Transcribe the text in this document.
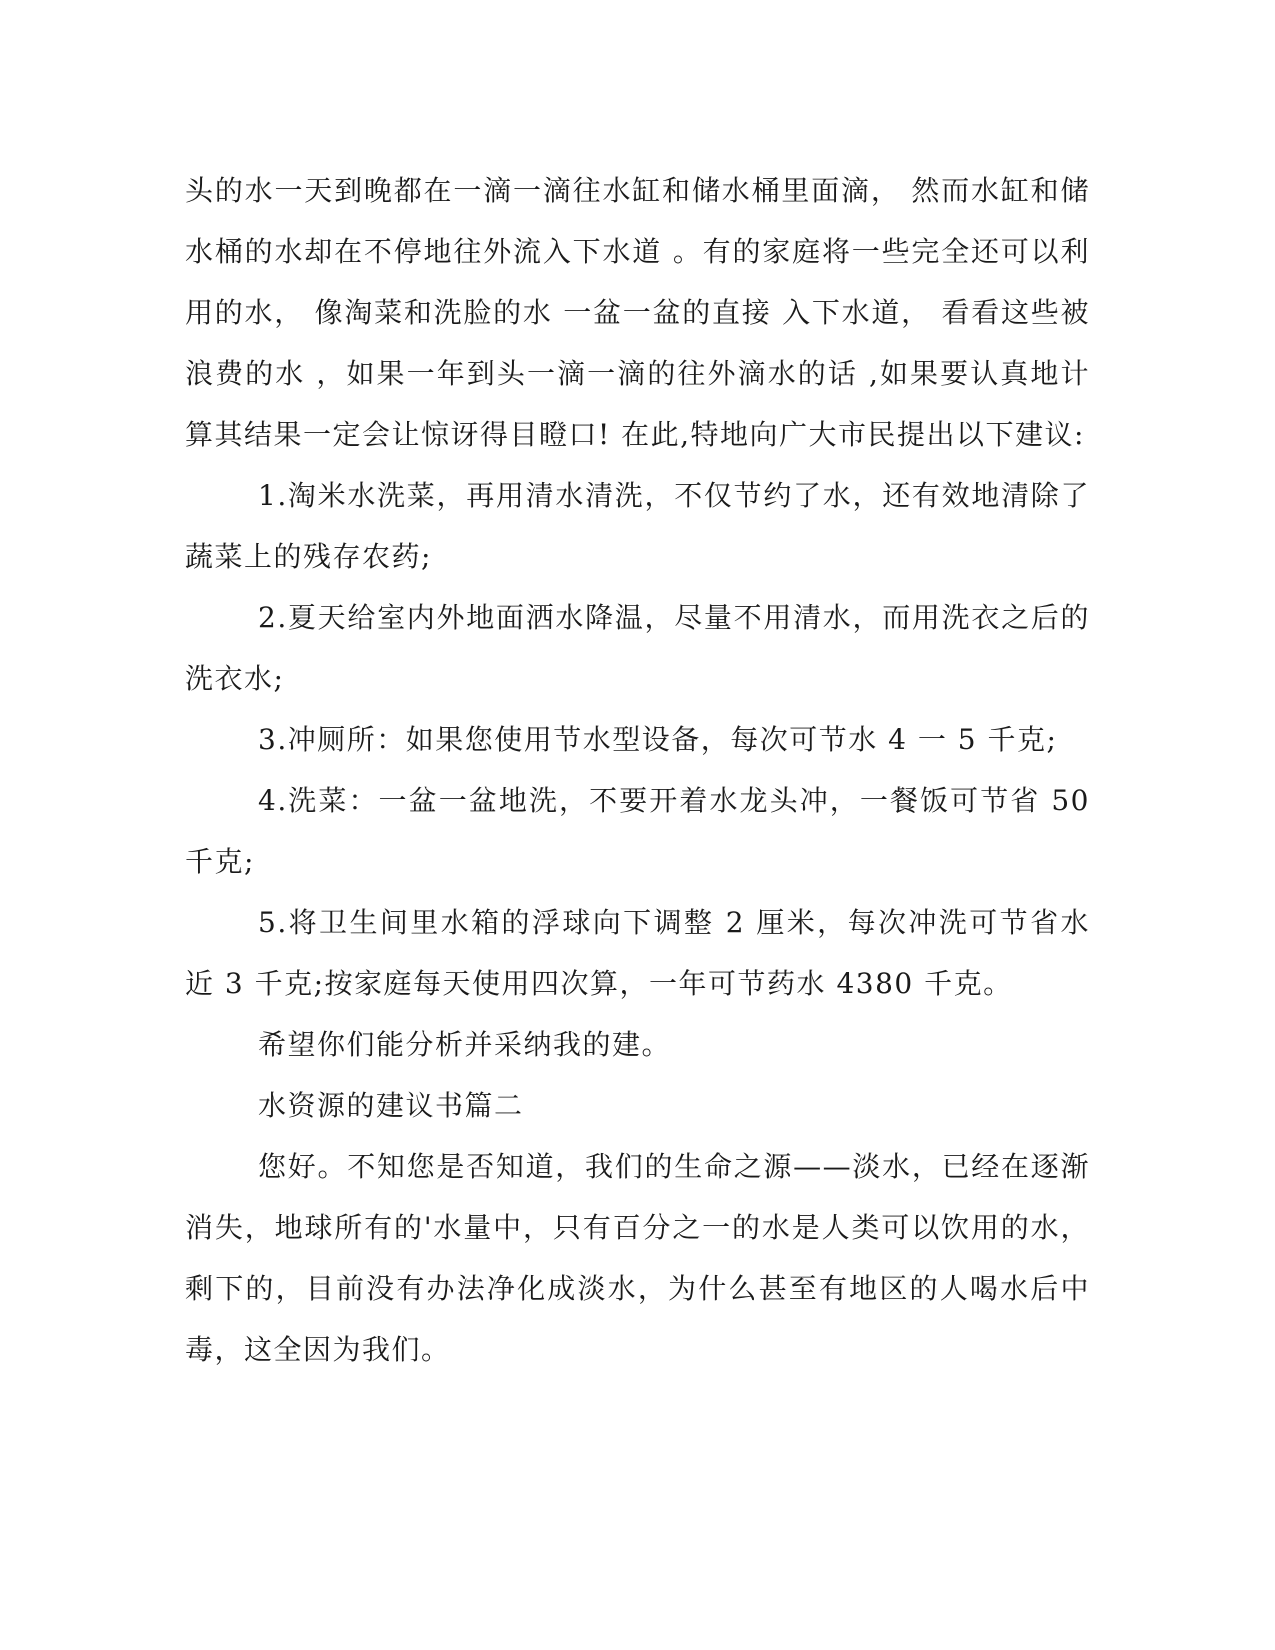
头的水一天到晚都在一滴一滴往水缸和储水桶里面滴， 然而水缸和储水桶的水却在不停地往外流入下水道 。有的家庭将一些完全还可以利用的水， 像淘菜和洗脸的水 一盆一盆的直接 入下水道， 看看这些被浪费的水 ，如果一年到头一滴一滴的往外滴水的话 ,如果要认真地计算其结果一定会让惊讶得目瞪口! 在此,特地向广大市民提出以下建议:

1.淘米水洗菜，再用清水清洗，不仅节约了水，还有效地清除了蔬菜上的残存农药;

2.夏天给室内外地面洒水降温，尽量不用清水，而用洗衣之后的洗衣水;

3.冲厕所：如果您使用节水型设备，每次可节水 4 一 5 千克;

4.洗菜：一盆一盆地洗，不要开着水龙头冲，一餐饭可节省 50 千克;

5.将卫生间里水箱的浮球向下调整 2 厘米，每次冲洗可节省水近 3 千克;按家庭每天使用四次算，一年可节药水 4380 千克。

希望你们能分析并采纳我的建。

水资源的建议书篇二

您好。不知您是否知道，我们的生命之源——淡水，已经在逐渐消失，地球所有的'水量中，只有百分之一的水是人类可以饮用的水，剩下的，目前没有办法净化成淡水，为什么甚至有地区的人喝水后中毒，这全因为我们。
